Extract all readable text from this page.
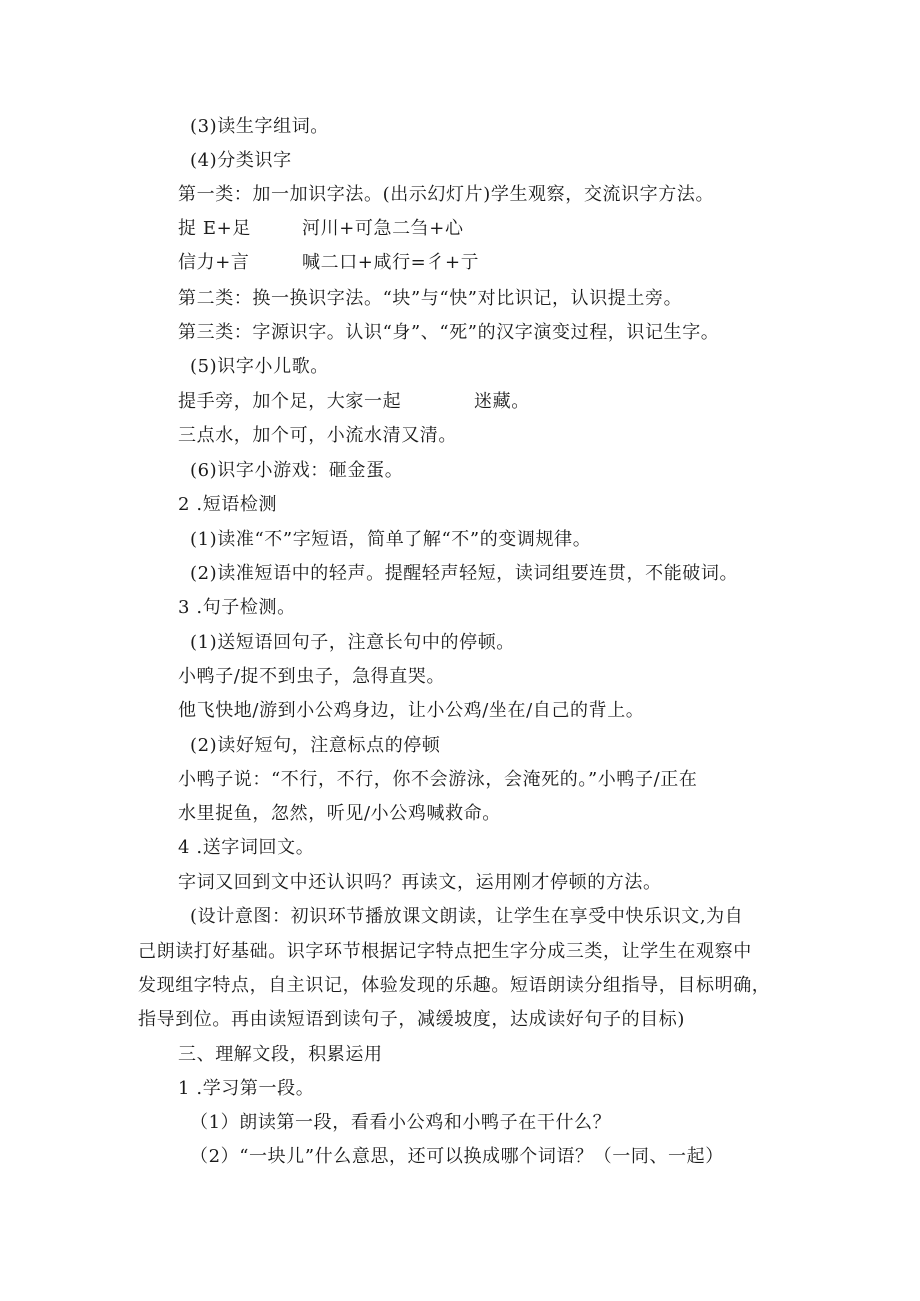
(3)读生字组词。
(4)分类识字
第一类：加一加识字法。(出示幻灯片)学生观察，交流识字方法。
捉 E+足	河川+可急二刍+心
信力+言	喊二口+咸行=彳+亍
第二类：换一换识字法。“块”与“快”对比识记，认识提土旁。
第三类：字源识字。认识“身”、“死”的汉字演变过程，识记生字。
(5)识字小儿歌。
提手旁，加个足，大家一起	迷藏。
三点水，加个可，小流水清又清。
(6)识字小游戏：砸金蛋。
2 .短语检测
(1)读准“不”字短语，简单了解“不”的变调规律。
(2)读准短语中的轻声。提醒轻声轻短，读词组要连贯，不能破词。
3 .句子检测。
(1)送短语回句子，注意长句中的停顿。
小鸭子/捉不到虫子，急得直哭。
他飞快地/游到小公鸡身边，让小公鸡/坐在/自己的背上。
(2)读好短句，注意标点的停顿
小鸭子说：“不行，不行，你不会游泳，会淹死的。”小鸭子/正在
水里捉鱼，忽然，听见/小公鸡喊救命。
4 .送字词回文。
字词又回到文中还认识吗？再读文，运用刚才停顿的方法。
(设计意图：初识环节播放课文朗读，让学生在享受中快乐识文,为自
己朗读打好基础。识字环节根据记字特点把生字分成三类，让学生在观察中
发现组字特点，自主识记，体验发现的乐趣。短语朗读分组指导，目标明确，
指导到位。再由读短语到读句子，减缓坡度，达成读好句子的目标)
三、理解文段，积累运用
1 .学习第一段。
（1）朗读第一段，看看小公鸡和小鸭子在干什么？
（2）“一块儿”什么意思，还可以换成哪个词语？（一同、一起）
